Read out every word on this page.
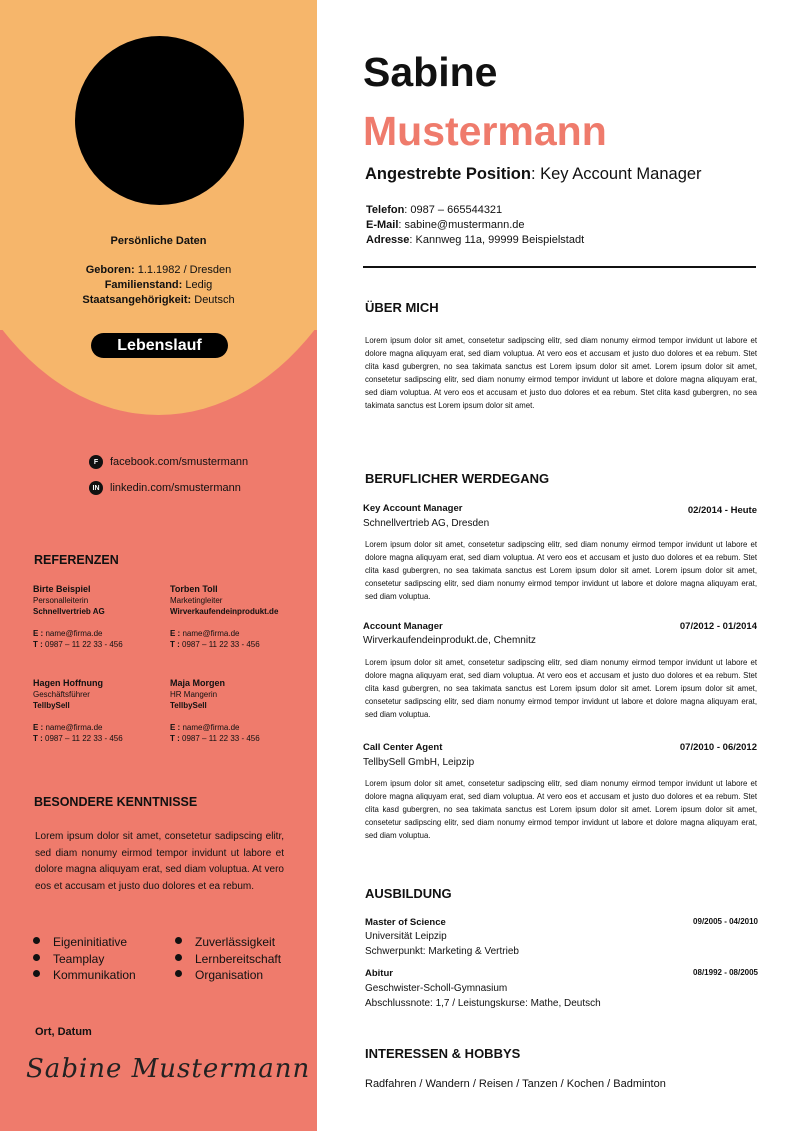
Persönliche Daten
Geboren: 1.1.1982 / Dresden
Familienstand: Ledig
Staatsangehörigkeit: Deutsch
Lebenslauf
F	facebook.com/smustermann
IN linkedin.com/smustermann
REFERENZEN
Birte Beispiel
Personalleiterin
Schnellvertrieb AG
E : name@firma.de
T : 0987 – 11 22 33 - 456
Torben Toll
Marketingleiter
Wirverkaufendeinprodukt.de
E : name@firma.de
T : 0987 – 11 22 33 - 456
Hagen Hoffnung
Geschäftsführer
TellbySell
E : name@firma.de
T : 0987 – 11 22 33 - 456
Maja Morgen
HR Mangerin
TellbySell
E : name@firma.de
T : 0987 – 11 22 33 - 456
BESONDERE KENNTNISSE
Lorem ipsum dolor sit amet, consetetur sadipscing elitr, sed diam nonumy eirmod tempor invidunt ut labore et dolore magna aliquyam erat, sed diam voluptua. At vero eos et accusam et justo duo dolores et ea rebum.
Eigeninitiative
Teamplay
Kommunikation
Zuverlässigkeit
Lernbereitschaft
Organisation
Ort, Datum
Sabine Mustermann
Sabine
Mustermann
Angestrebte Position: Key Account Manager
Telefon: 0987 – 665544321
E-Mail: sabine@mustermann.de
Adresse: Kannweg 11a, 99999 Beispielstadt
ÜBER MICH
Lorem ipsum dolor sit amet, consetetur sadipscing elitr, sed diam nonumy eirmod tempor invidunt ut labore et dolore magna aliquyam erat, sed diam voluptua. At vero eos et accusam et justo duo dolores et ea rebum. Stet clita kasd gubergren, no sea takimata sanctus est Lorem ipsum dolor sit amet. Lorem ipsum dolor sit amet, consetetur sadipscing elitr, sed diam nonumy eirmod tempor invidunt ut labore et dolore magna aliquyam erat, sed diam voluptua. At vero eos et accusam et justo duo dolores et ea rebum. Stet clita kasd gubergren, no sea takimata sanctus est Lorem ipsum dolor sit amet.
BERUFLICHER WERDEGANG
Key Account Manager	02/2014 - Heute
Schnellvertrieb AG, Dresden
Lorem ipsum dolor sit amet, consetetur sadipscing elitr, sed diam nonumy eirmod tempor invidunt ut labore et dolore magna aliquyam erat, sed diam voluptua. At vero eos et accusam et justo duo dolores et ea rebum. Stet clita kasd gubergren, no sea takimata sanctus est Lorem ipsum dolor sit amet. Lorem ipsum dolor sit amet, consetetur sadipscing elitr, sed diam nonumy eirmod tempor invidunt ut labore et dolore magna aliquyam erat, sed diam voluptua.
Account Manager	07/2012 - 01/2014
Wirverkaufendeinprodukt.de, Chemnitz
Lorem ipsum dolor sit amet, consetetur sadipscing elitr, sed diam nonumy eirmod tempor invidunt ut labore et dolore magna aliquyam erat, sed diam voluptua. At vero eos et accusam et justo duo dolores et ea rebum. Stet clita kasd gubergren, no sea takimata sanctus est Lorem ipsum dolor sit amet. Lorem ipsum dolor sit amet, consetetur sadipscing elitr, sed diam nonumy eirmod tempor invidunt ut labore et dolore magna aliquyam erat, sed diam voluptua.
Call Center Agent	07/2010 - 06/2012
TellbySell GmbH, Leipzip
Lorem ipsum dolor sit amet, consetetur sadipscing elitr, sed diam nonumy eirmod tempor invidunt ut labore et dolore magna aliquyam erat, sed diam voluptua. At vero eos et accusam et justo duo dolores et ea rebum. Stet clita kasd gubergren, no sea takimata sanctus est Lorem ipsum dolor sit amet. Lorem ipsum dolor sit amet, consetetur sadipscing elitr, sed diam nonumy eirmod tempor invidunt ut labore et dolore magna aliquyam erat, sed diam voluptua.
AUSBILDUNG
Master of Science	09/2005 - 04/2010
Universität Leipzip
Schwerpunkt: Marketing & Vertrieb
Abitur	08/1992 - 08/2005
Geschwister-Scholl-Gymnasium
Abschlussnote: 1,7 / Leistungskurse: Mathe, Deutsch
INTERESSEN & HOBBYS
Radfahren / Wandern / Reisen / Tanzen / Kochen / Badminton
